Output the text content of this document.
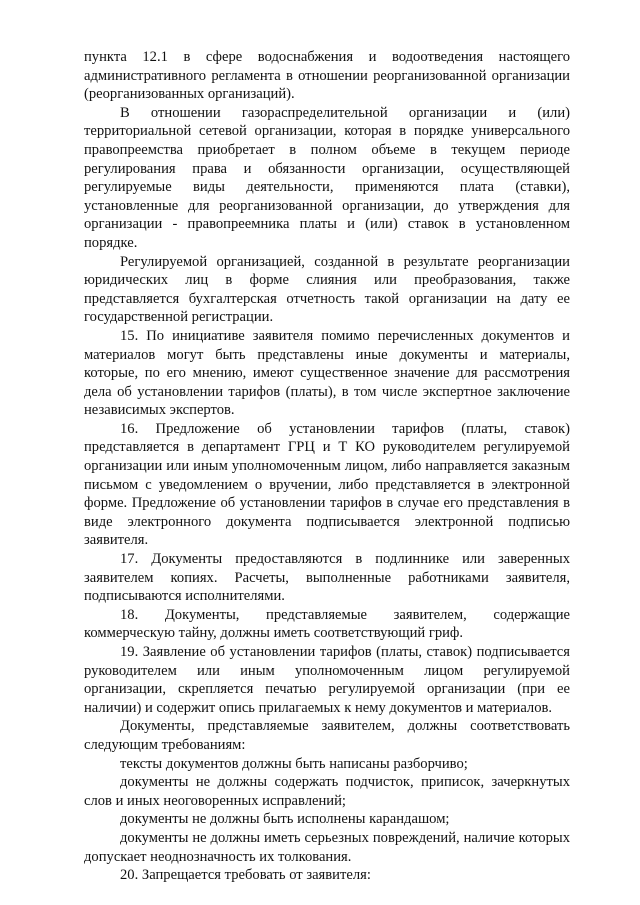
пункта 12.1 в сфере водоснабжения и водоотведения настоящего административного регламента в отношении реорганизованной организации (реорганизованных организаций).

В отношении газораспределительной организации и (или) территориальной сетевой организации, которая в порядке универсального правопреемства приобретает в полном объеме в текущем периоде регулирования права и обязанности организации, осуществляющей регулируемые виды деятельности, применяются плата (ставки), установленные для реорганизованной организации, до утверждения для организации - правопреемника платы и (или) ставок в установленном порядке.

Регулируемой организацией, созданной в результате реорганизации юридических лиц в форме слияния или преобразования, также представляется бухгалтерская отчетность такой организации на дату ее государственной регистрации.

15. По инициативе заявителя помимо перечисленных документов и материалов могут быть представлены иные документы и материалы, которые, по его мнению, имеют существенное значение для рассмотрения дела об установлении тарифов (платы), в том числе экспертное заключение независимых экспертов.

16. Предложение об установлении тарифов (платы, ставок) представляется в департамент ГРЦ и Т КО руководителем регулируемой организации или иным уполномоченным лицом, либо направляется заказным письмом с уведомлением о вручении, либо представляется в электронной форме. Предложение об установлении тарифов в случае его представления в виде электронного документа подписывается электронной подписью заявителя.

17. Документы предоставляются в подлиннике или заверенных заявителем копиях. Расчеты, выполненные работниками заявителя, подписываются исполнителями.

18. Документы, представляемые заявителем, содержащие коммерческую тайну, должны иметь соответствующий гриф.

19. Заявление об установлении тарифов (платы, ставок) подписывается руководителем или иным уполномоченным лицом регулируемой организации, скрепляется печатью регулируемой организации (при ее наличии) и содержит опись прилагаемых к нему документов и материалов.

Документы, представляемые заявителем, должны соответствовать следующим требованиям:

тексты документов должны быть написаны разборчиво;

документы не должны содержать подчисток, приписок, зачеркнутых слов и иных неоговоренных исправлений;

документы не должны быть исполнены карандашом;

документы не должны иметь серьезных повреждений, наличие которых допускает неоднозначность их толкования.

20. Запрещается требовать от заявителя:
